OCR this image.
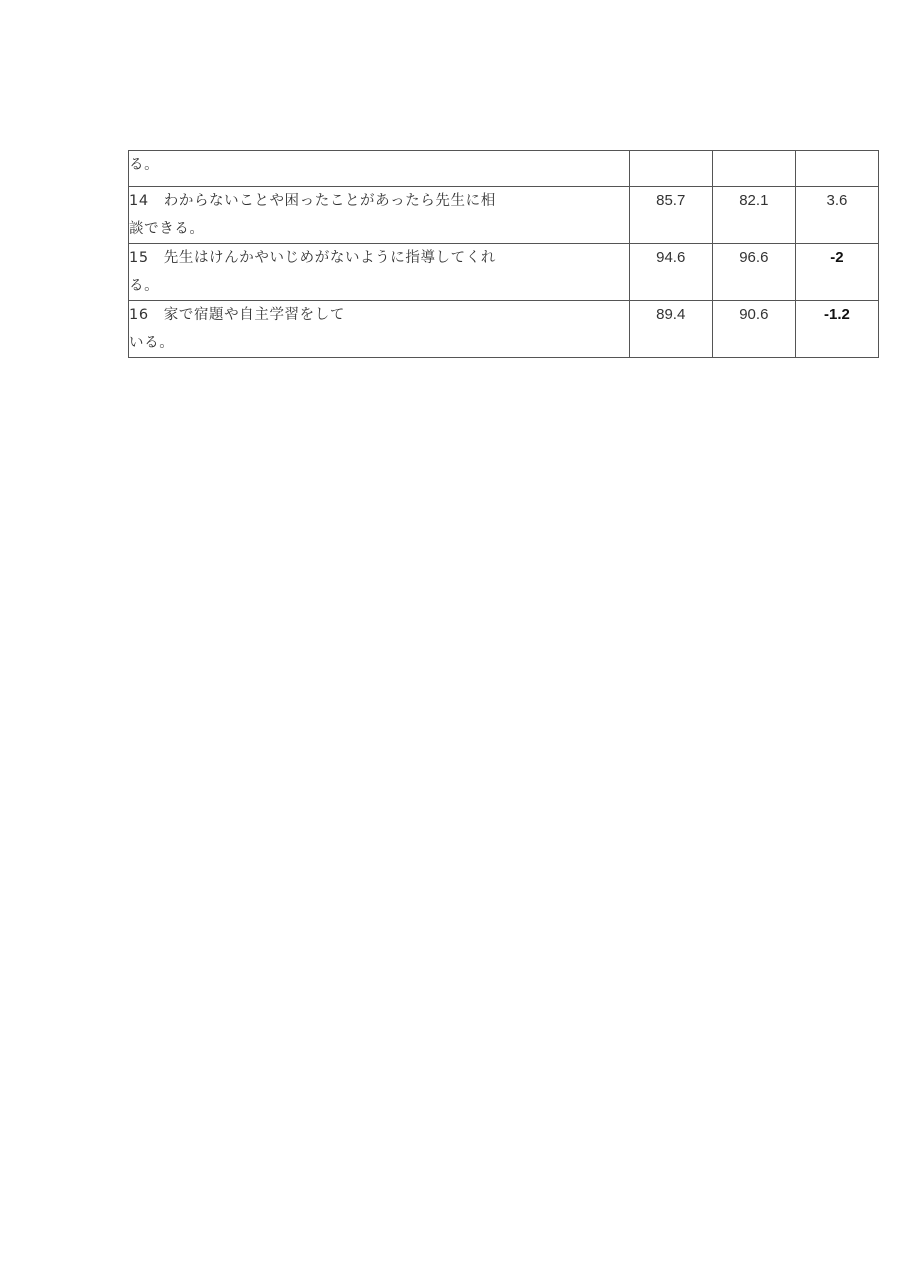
る。			
14　わからないことや困ったことがあったら先生に相
談できる。	85.7	82.1	3.6
15　先生はけんかやいじめがないように指導してくれ
る。	94.6	96.6	-2
16　家で宿題や自主学習をして
いる。	89.4	90.6	-1.2
